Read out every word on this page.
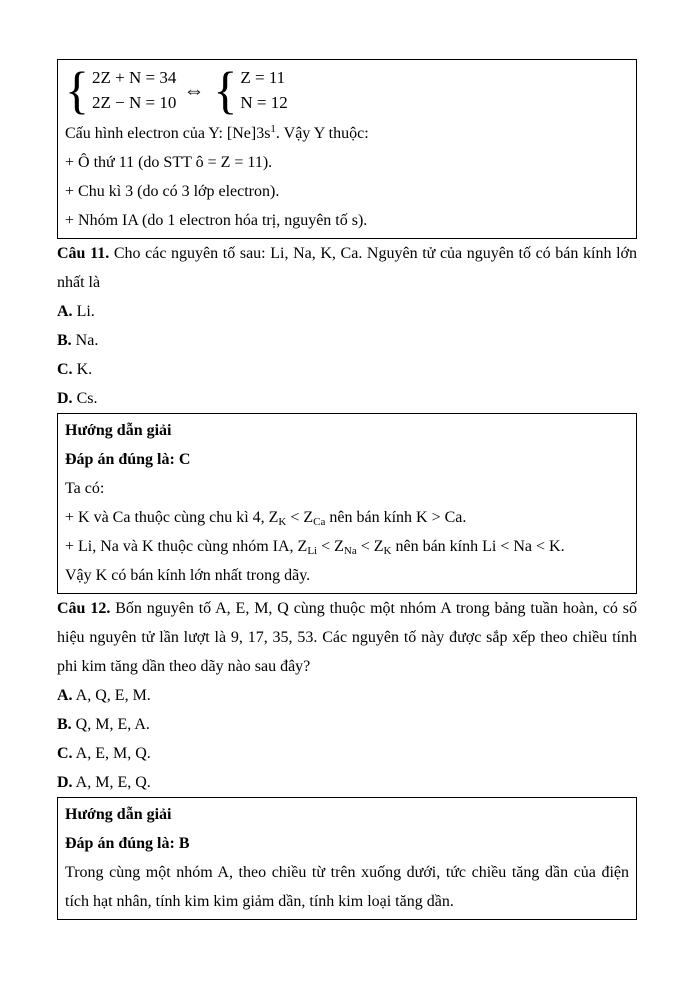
{ 2Z + N = 34
2Z − N = 10
⇔ { Z = 11
N = 12

Cấu hình electron của Y: $[Ne]3s^1$. Vậy Y thuộc:

+ Ô thứ 11 (do STT ô = Z = 11).

+ Chu kì 3 (do có 3 lớp electron).

+ Nhóm IA (do 1 electron hóa trị, nguyên tố s).

Câu 11. Cho các nguyên tố sau: Li, Na, K, Ca. Nguyên tử của nguyên tố có bán kính lớn nhất là

A. Li.

B. Na.

C. K.

D. Cs.

Hướng dẫn giải

Đáp án đúng là: C

Ta có:

+ K và Ca thuộc cùng chu kì 4, $Z_K < Z_{Ca}$ nên bán kính K > Ca.

+ Li, Na và K thuộc cùng nhóm IA, $Z_{Li} < Z_{Na} < Z_K$ nên bán kính Li < Na < K.

Vậy K có bán kính lớn nhất trong dãy.

Câu 12. Bốn nguyên tố A, E, M, Q cùng thuộc một nhóm A trong bảng tuần hoàn, có số hiệu nguyên tử lần lượt là 9, 17, 35, 53. Các nguyên tố này được sắp xếp theo chiều tính phi kim tăng dần theo dãy nào sau đây?

A. A, Q, E, M.

B. Q, M, E, A.

C. A, E, M, Q.

D. A, M, E, Q.

Hướng dẫn giải

Đáp án đúng là: B

Trong cùng một nhóm A, theo chiều từ trên xuống dưới, tức chiều tăng dần của điện tích hạt nhân, tính kim kim giảm dần, tính kim loại tăng dần.
